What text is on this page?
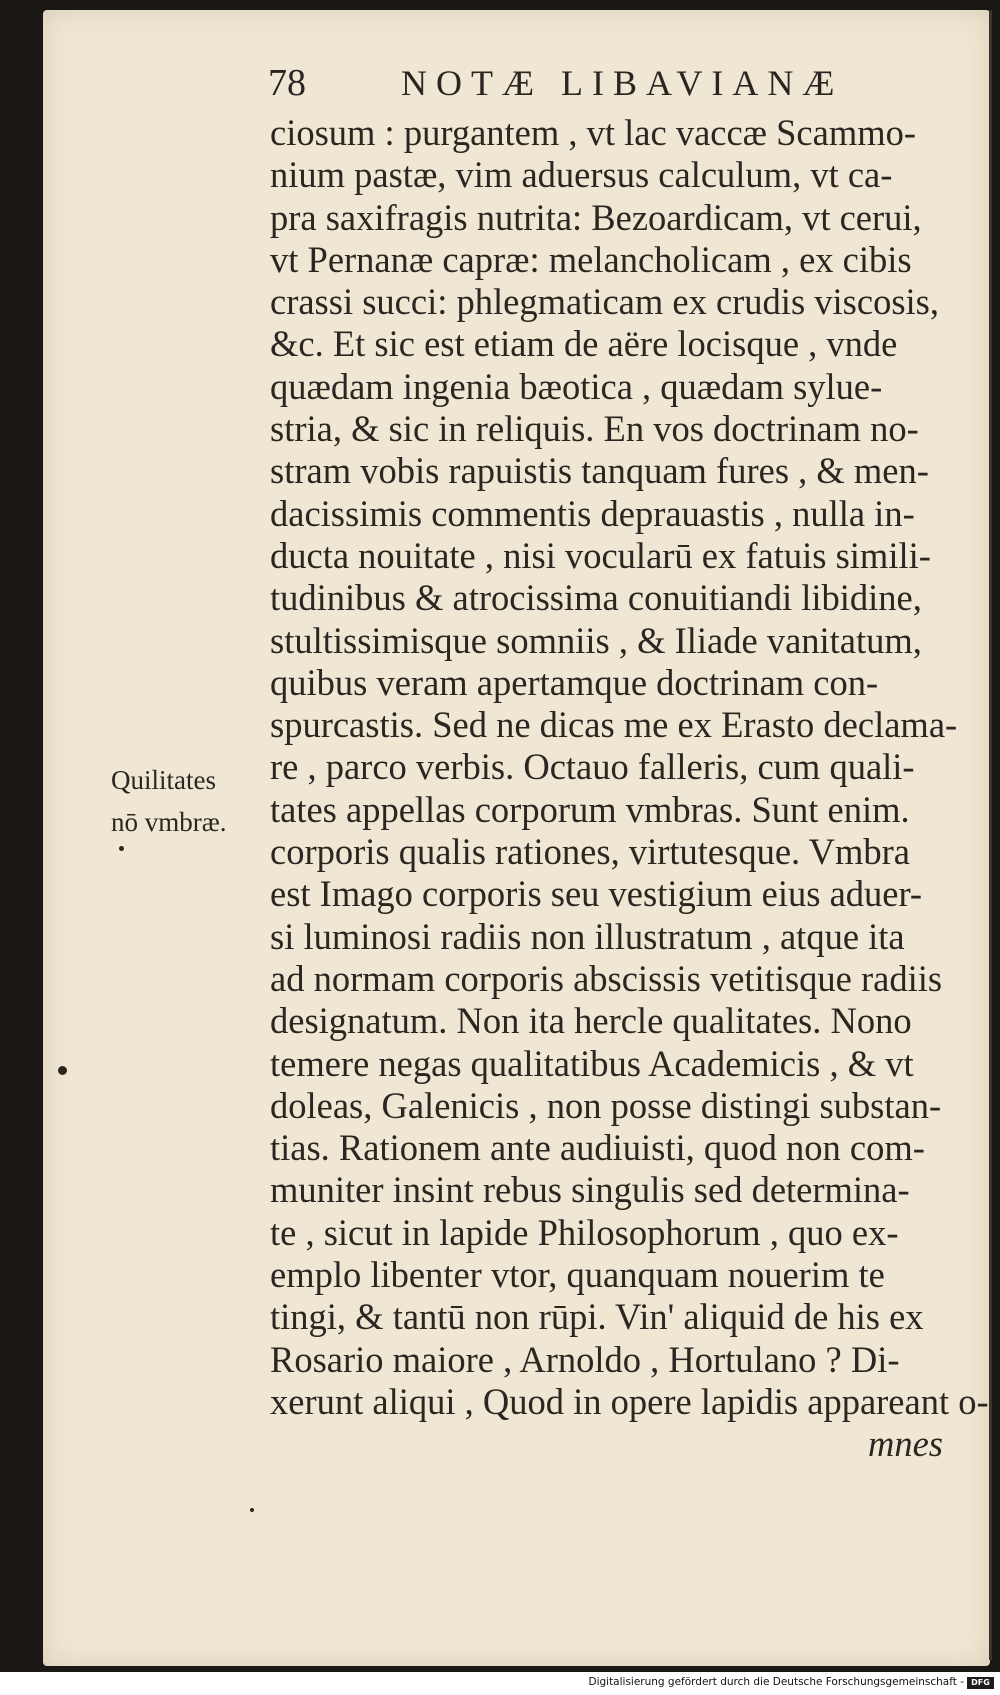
78	NOTÆ LIBAVIANÆ
Quilitates
nō vmbræ.
ciosum : purgantem , vt lac vaccæ Scammo-
nium pastæ, vim aduersus calculum, vt ca-
pra saxifragis nutrita: Bezoardicam, vt cerui,
vt Pernanæ capræ: melancholicam , ex cibis
crassi succi: phlegmaticam ex crudis viscosis,
&c. Et sic est etiam de aëre locisque , vnde
quædam ingenia bæotica , quædam sylue-
stria, & sic in reliquis. En vos doctrinam no-
stram vobis rapuistis tanquam fures , & men-
dacissimis commentis deprauastis , nulla in-
ducta nouitate , nisi vocularū ex fatuis simili-
tudinibus & atrocissima conuitiandi libidine,
stultissimisque somniis , & Iliade vanitatum,
quibus veram apertamque doctrinam con-
spurcastis. Sed ne dicas me ex Erasto declama-
re , parco verbis. Octauo falleris, cum quali-
tates appellas corporum vmbras. Sunt enim.
corporis qualis rationes, virtutesque. Vmbra
est Imago corporis seu vestigium eius aduer-
si luminosi radiis non illustratum , atque ita
ad normam corporis abscissis vetitisque radiis
designatum. Non ita hercle qualitates. Nono
temere negas qualitatibus Academicis , & vt
doleas, Galenicis , non posse distingi substan-
tias. Rationem ante audiuisti, quod non com-
muniter insint rebus singulis sed determina-
te , sicut in lapide Philosophorum , quo ex-
emplo libenter vtor, quanquam nouerim te
tingi, & tantū non rūpi. Vin' aliquid de his ex
Rosario maiore , Arnoldo , Hortulano ? Di-
xerunt aliqui , Quod in opere lapidis appareant o-
mnes
Digitalisierung gefördert durch die Deutsche Forschungsgemeinschaft - DFG
